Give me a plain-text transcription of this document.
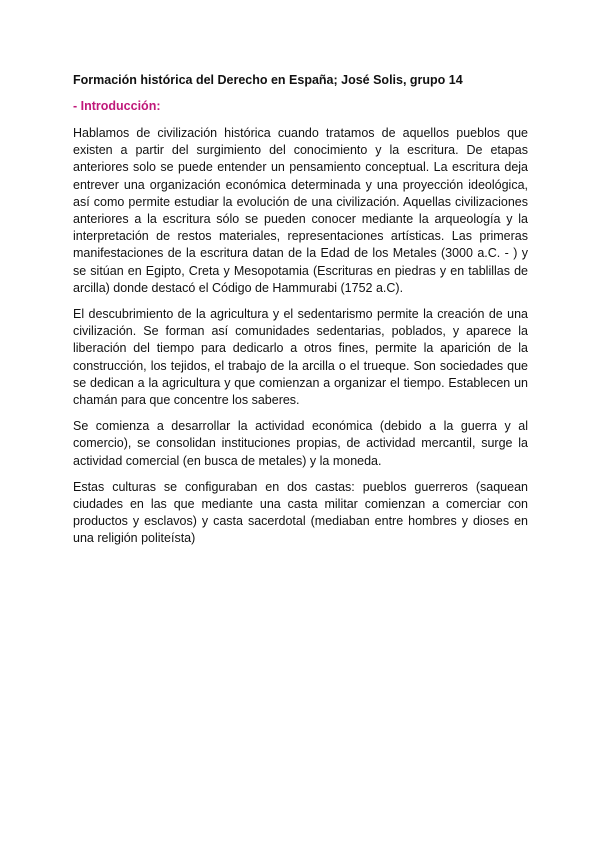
Formación histórica del Derecho en España; José Solis, grupo 14

- Introducción:

Hablamos de civilización histórica cuando tratamos de aquellos pueblos que existen a partir del surgimiento del conocimiento y la escritura. De etapas anteriores solo se puede entender un pensamiento conceptual. La escritura deja entrever una organización económica determinada y una proyección ideológica, así como permite estudiar la evolución de una civilización. Aquellas civilizaciones anteriores a la escritura sólo se pueden conocer mediante la arqueología y la interpretación de restos materiales, representaciones artísticas. Las primeras manifestaciones de la escritura datan de la Edad de los Metales (3000 a.C. - ) y se sitúan en Egipto, Creta y Mesopotamia (Escrituras en piedras y en tablillas de arcilla) donde destacó el Código de Hammurabi (1752 a.C).

El descubrimiento de la agricultura y el sedentarismo permite la creación de una civilización. Se forman así comunidades sedentarias, poblados, y aparece la liberación del tiempo para dedicarlo a otros fines, permite la aparición de la construcción, los tejidos, el trabajo de la arcilla o el trueque. Son sociedades que se dedican a la agricultura y que comienzan a organizar el tiempo. Establecen un chamán para que concentre los saberes.

Se comienza a desarrollar la actividad económica (debido a la guerra y al comercio), se consolidan instituciones propias, de actividad mercantil, surge la actividad comercial (en busca de metales) y la moneda.

Estas culturas se configuraban en dos castas: pueblos guerreros (saquean ciudades en las que mediante una casta militar comienzan a comerciar con productos y esclavos) y casta sacerdotal (mediaban entre hombres y dioses en una religión politeísta)
